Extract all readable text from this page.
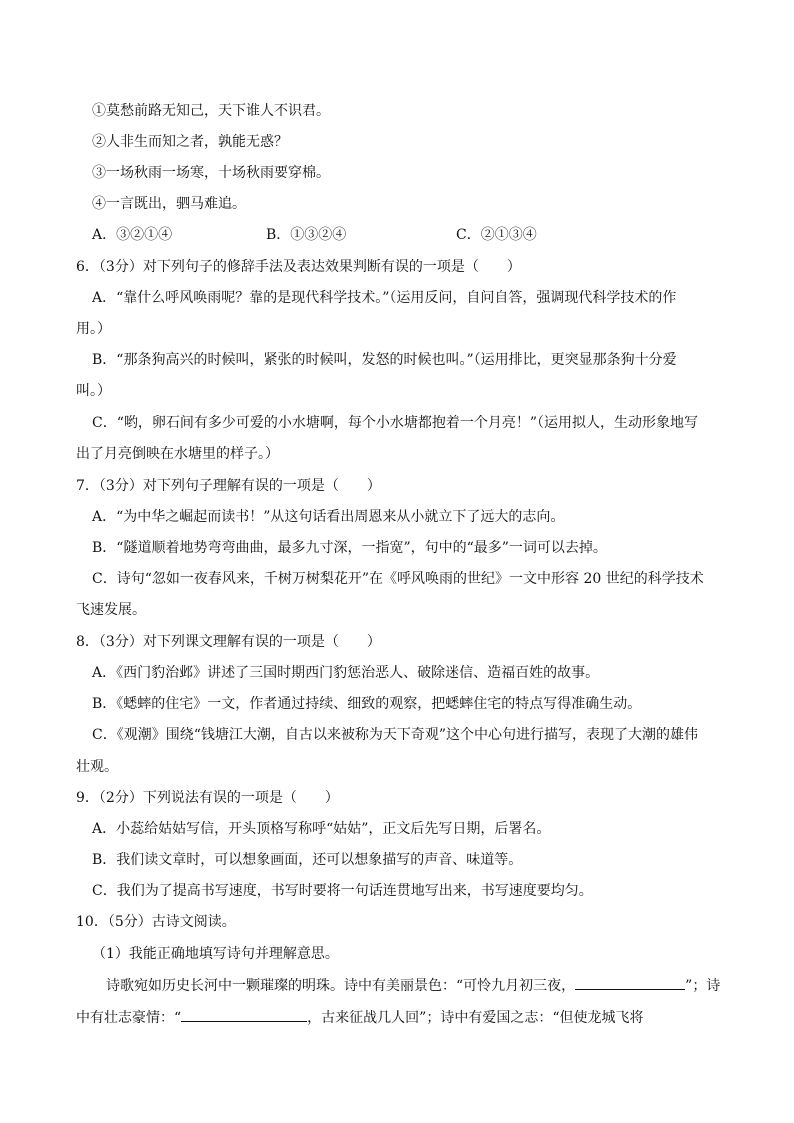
①莫愁前路无知己，天下谁人不识君。
②人非生而知之者，孰能无惑？
③一场秋雨一场寒，十场秋雨要穿棉。
④一言既出，驷马难追。
A．③②①④	B．①③②④	C．②①③④
6．（3分）对下列句子的修辞手法及表达效果判断有误的一项是（　　）
A．“靠什么呼风唤雨呢？靠的是现代科学技术。”（运用反问，自问自答，强调现代科学技术的作
用。）
B．“那条狗高兴的时候叫，紧张的时候叫，发怒的时候也叫。”（运用排比，更突显那条狗十分爱
叫。）
C．“哟，卵石间有多少可爱的小水塘啊，每个小水塘都抱着一个月亮！”（运用拟人，生动形象地写
出了月亮倒映在水塘里的样子。）
7．（3分）对下列句子理解有误的一项是（　　）
A．“为中华之崛起而读书！”从这句话看出周恩来从小就立下了远大的志向。
B．“隧道顺着地势弯弯曲曲，最多九寸深，一指宽”，句中的“最多”一词可以去掉。
C．诗句“忽如一夜春风来，千树万树梨花开”在《呼风唤雨的世纪》一文中形容 20 世纪的科学技术
飞速发展。
8．（3分）对下列课文理解有误的一项是（　　）
A．《西门豹治邺》讲述了三国时期西门豹惩治恶人、破除迷信、造福百姓的故事。
B．《蟋蟀的住宅》一文，作者通过持续、细致的观察，把蟋蟀住宅的特点写得准确生动。
C．《观潮》围绕“钱塘江大潮，自古以来被称为天下奇观”这个中心句进行描写，表现了大潮的雄伟
壮观。
9．（2分）下列说法有误的一项是（　　）
A．小蕊给姑姑写信，开头顶格写称呼“姑姑”，正文后先写日期，后署名。
B．我们读文章时，可以想象画面，还可以想象描写的声音、味道等。
C．我们为了提高书写速度，书写时要将一句话连贯地写出来，书写速度要均匀。
10．（5分）古诗文阅读。
（1）我能正确地填写诗句并理解意思。
诗歌宛如历史长河中一颗璀璨的明珠。诗中有美丽景色：“可怜九月初三夜，	”；诗
中有壮志豪情：“	，古来征战几人回”；诗中有爱国之志：“但使龙城飞将
